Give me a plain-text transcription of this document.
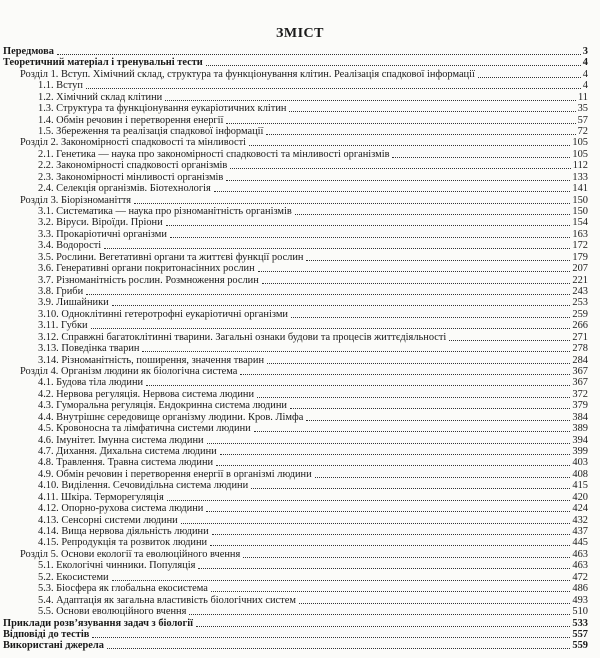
ЗМІСТ
Передмова	3
Теоретичний матеріал і тренувальні тести	4
Розділ 1. Вступ. Хімічний склад, структура та функціонування клітин. Реалізація спадкової інформації	4
1.1. Вступ	4
1.2. Хімічний склад клітини	11
1.3. Структура та функціонування еукаріотичних клітин	35
1.4. Обмін речовин і перетворення енергії	57
1.5. Збереження та реалізація спадкової інформації	72
Розділ 2. Закономірності спадковості та мінливості	105
2.1. Генетика — наука про закономірності спадковості та мінливості організмів	105
2.2. Закономірності спадковості організмів	112
2.3. Закономірності мінливості організмів	133
2.4. Селекція організмів. Біотехнологія	141
Розділ 3. Біорізноманіття	150
3.1. Систематика — наука про різноманітність організмів	150
3.2. Віруси. Віроїди. Пріони	154
3.3. Прокаріотичні організми	163
3.4. Водорості	172
3.5. Рослини. Вегетативні органи та життєві функції рослин	179
3.6. Генеративні органи покритонасінних рослин	207
3.7. Різноманітність рослин. Розмноження рослин	221
3.8. Гриби	243
3.9. Лишайники	253
3.10. Одноклітинні гетеротрофні еукаріотичні організми	259
3.11. Губки	266
3.12. Справжні багатоклітинні тварини. Загальні ознаки будови та процесів життєдіяльності	271
3.13. Поведінка тварин	278
3.14. Різноманітність, поширення, значення тварин	284
Розділ 4. Організм людини як біологічна система	367
4.1. Будова тіла людини	367
4.2. Нервова регуляція. Нервова система людини	372
4.3. Гуморальна регуляція. Ендокринна система людини	379
4.4. Внутрішнє середовище організму людини. Кров. Лімфа	384
4.5. Кровоносна та лімфатична системи людини	389
4.6. Імунітет. Імунна система людини	394
4.7. Дихання. Дихальна система людини	399
4.8. Травлення. Травна система людини	403
4.9. Обмін речовин і перетворення енергії в організмі людини	408
4.10. Виділення. Сечовидільна система людини	415
4.11. Шкіра. Терморегуляція	420
4.12. Опорно-рухова система людини	424
4.13. Сенсорні системи людини	432
4.14. Вища нервова діяльність людини	437
4.15. Репродукція та розвиток людини	445
Розділ 5. Основи екології та еволюційного вчення	463
5.1. Екологічні чинники. Популяція	463
5.2. Екосистеми	472
5.3. Біосфера як глобальна екосистема	486
5.4. Адаптація як загальна властивість біологічних систем	493
5.5. Основи еволюційного вчення	510
Приклади розв’язування задач з біології	533
Відповіді до тестів	557
Використані джерела	559
